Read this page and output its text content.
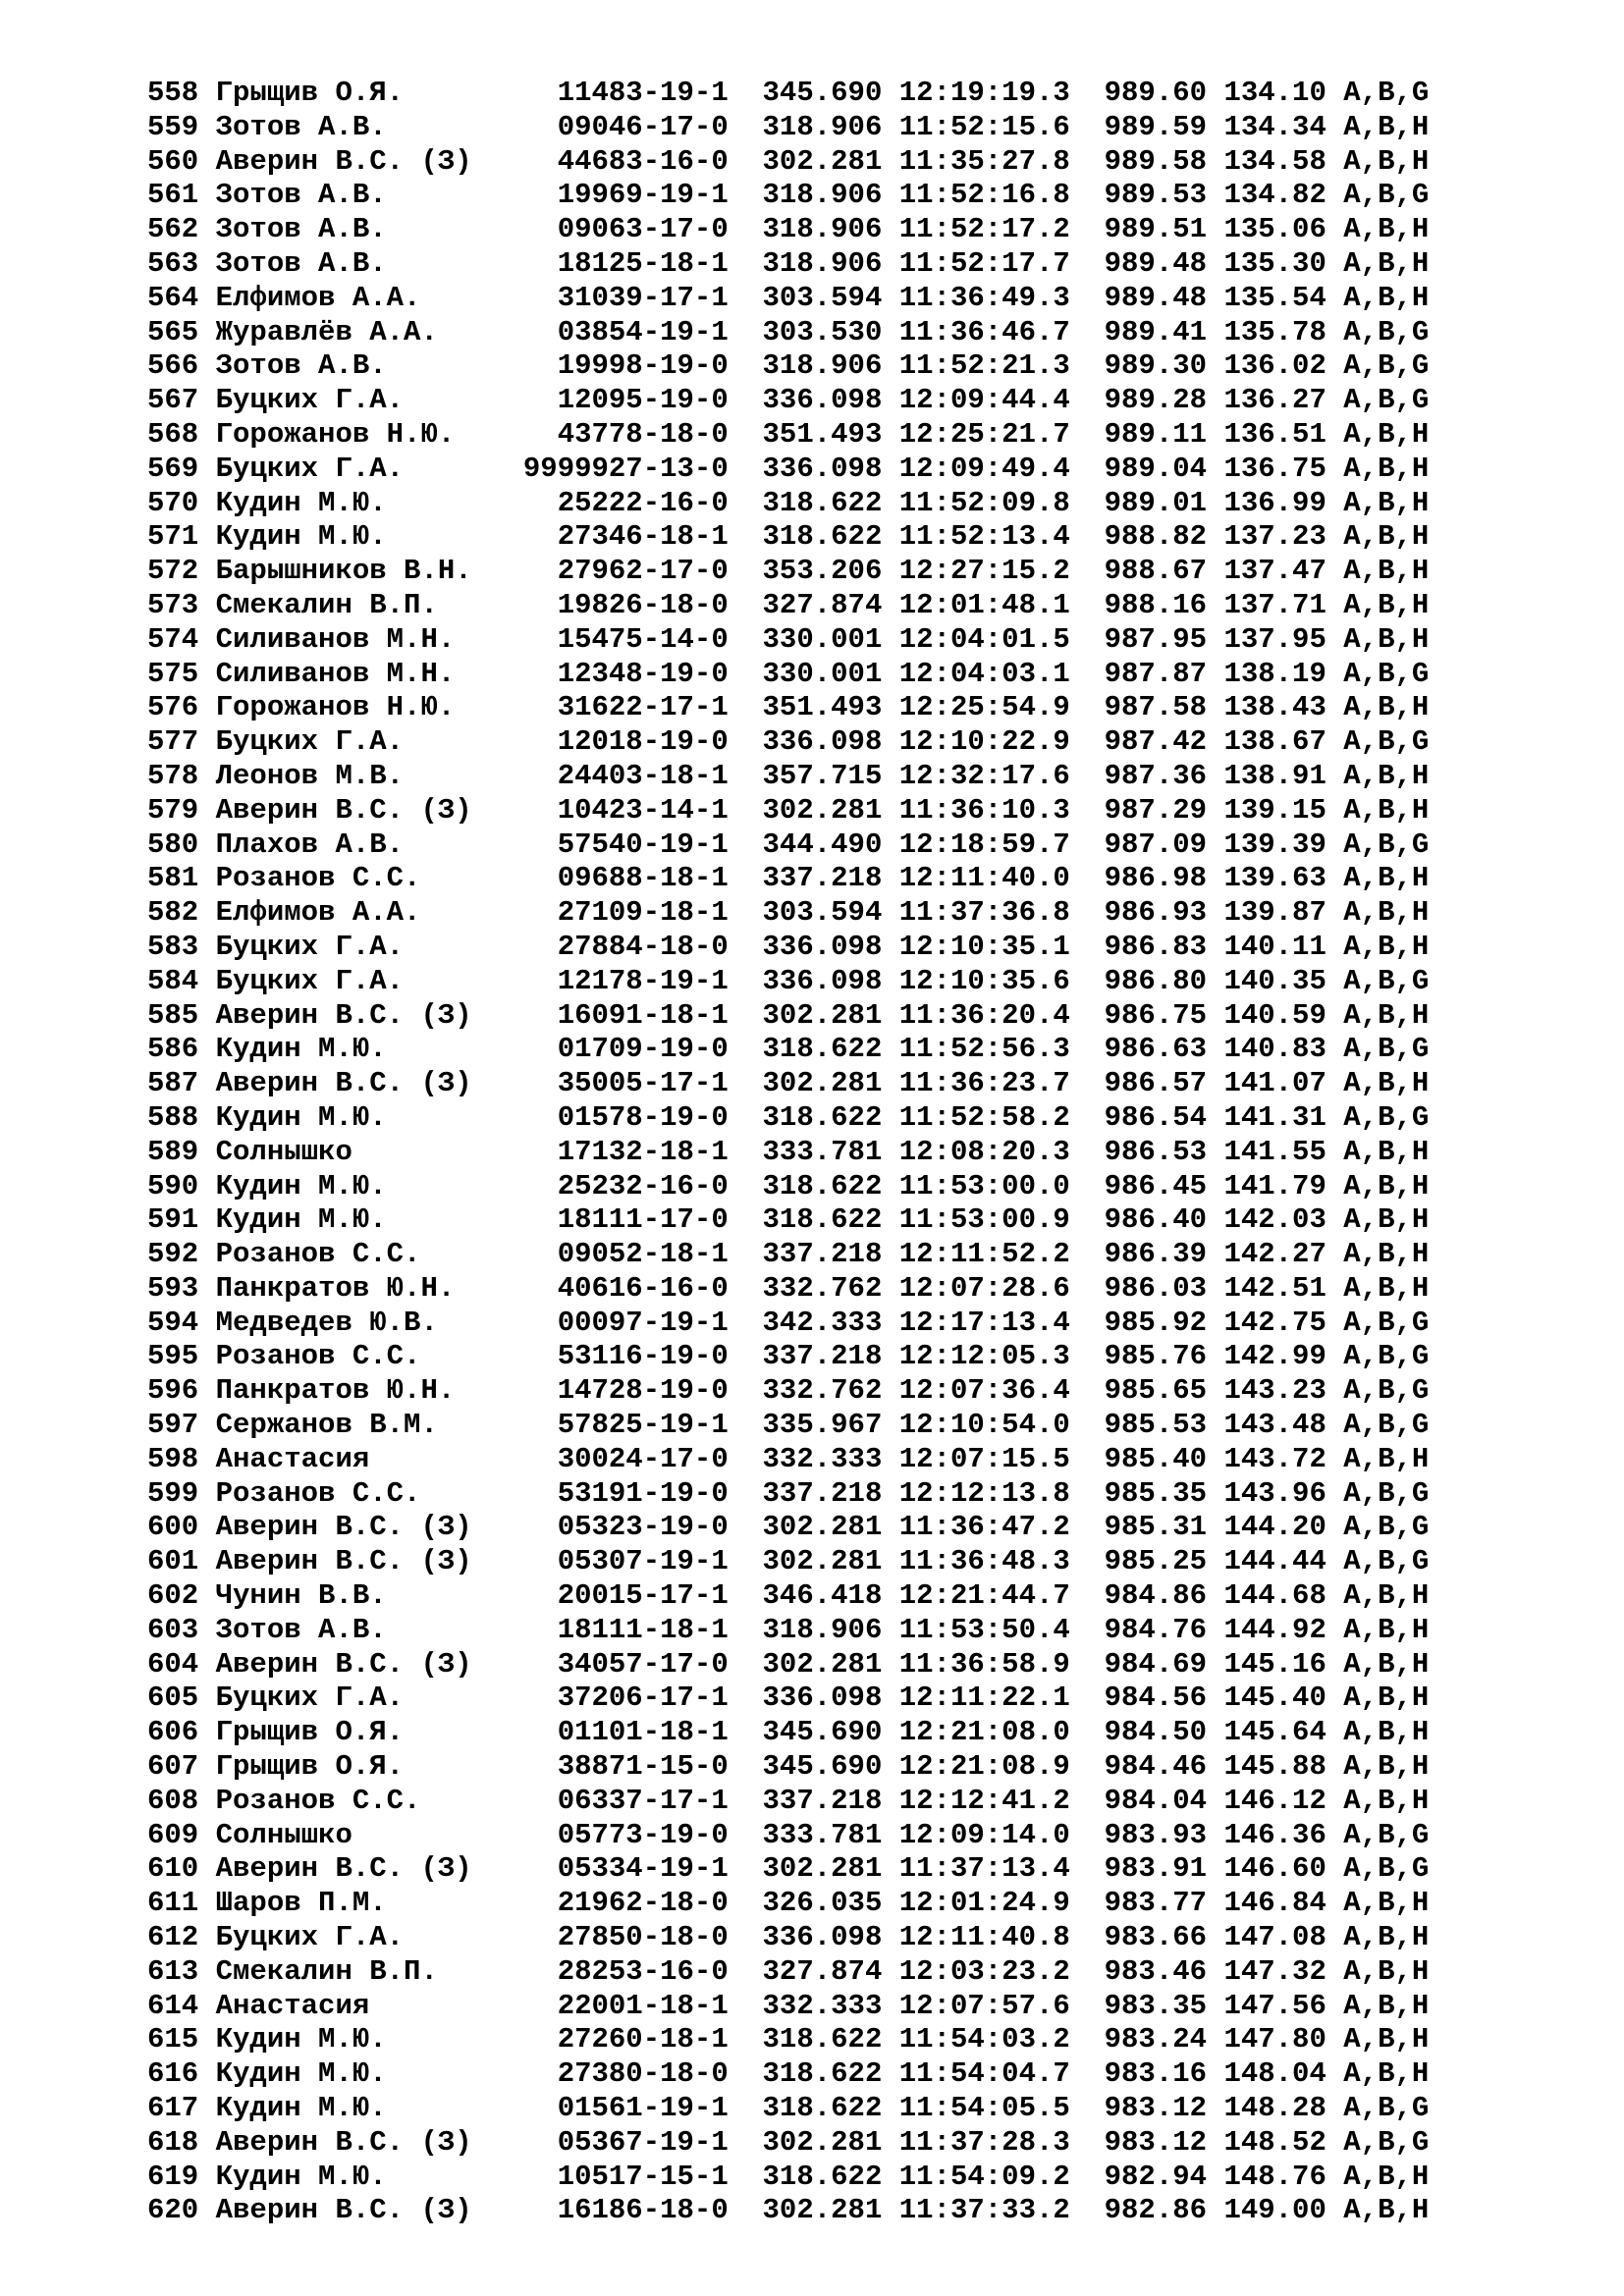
558 Грыщив О.Я.         11483-19-1 345.690 12:19:19.3 989.60 134.10 A,B,G
559 Зотов А.В.          09046-17-0 318.906 11:52:15.6 989.59 134.34 A,B,H
560 Аверин В.С. (З)     44683-16-0 302.281 11:35:27.8 989.58 134.58 A,B,H
561 Зотов А.В.          19969-19-1 318.906 11:52:16.8 989.53 134.82 A,B,G
562 Зотов А.В.          09063-17-0 318.906 11:52:17.2 989.51 135.06 A,B,H
563 Зотов А.В.          18125-18-1 318.906 11:52:17.7 989.48 135.30 A,B,H
564 Елфимов А.А.        31039-17-1 303.594 11:36:49.3 989.48 135.54 A,B,H
565 Журавлёв А.А.       03854-19-1 303.530 11:36:46.7 989.41 135.78 A,B,G
566 Зотов А.В.          19998-19-0 318.906 11:52:21.3 989.30 136.02 A,B,G
567 Буцких Г.А.         12095-19-0 336.098 12:09:44.4 989.28 136.27 A,B,G
568 Горожанов Н.Ю.      43778-18-0 351.493 12:25:21.7 989.11 136.51 A,B,H
569 Буцких Г.А.       9999927-13-0 336.098 12:09:49.4 989.04 136.75 A,B,H
570 Кудин М.Ю.          25222-16-0 318.622 11:52:09.8 989.01 136.99 A,B,H
571 Кудин М.Ю.          27346-18-1 318.622 11:52:13.4 988.82 137.23 A,B,H
572 Барышников В.Н.     27962-17-0 353.206 12:27:15.2 988.67 137.47 A,B,H
573 Смекалин В.П.       19826-18-0 327.874 12:01:48.1 988.16 137.71 A,B,H
574 Силиванов М.Н.      15475-14-0 330.001 12:04:01.5 987.95 137.95 A,B,H
575 Силиванов М.Н.      12348-19-0 330.001 12:04:03.1 987.87 138.19 A,B,G
576 Горожанов Н.Ю.      31622-17-1 351.493 12:25:54.9 987.58 138.43 A,B,H
577 Буцких Г.А.         12018-19-0 336.098 12:10:22.9 987.42 138.67 A,B,G
578 Леонов М.В.         24403-18-1 357.715 12:32:17.6 987.36 138.91 A,B,H
579 Аверин В.С. (З)     10423-14-1 302.281 11:36:10.3 987.29 139.15 A,B,H
580 Плахов А.В.         57540-19-1 344.490 12:18:59.7 987.09 139.39 A,B,G
581 Розанов С.С.        09688-18-1 337.218 12:11:40.0 986.98 139.63 A,B,H
582 Елфимов А.А.        27109-18-1 303.594 11:37:36.8 986.93 139.87 A,B,H
583 Буцких Г.А.         27884-18-0 336.098 12:10:35.1 986.83 140.11 A,B,H
584 Буцких Г.А.         12178-19-1 336.098 12:10:35.6 986.80 140.35 A,B,G
585 Аверин В.С. (З)     16091-18-1 302.281 11:36:20.4 986.75 140.59 A,B,H
586 Кудин М.Ю.          01709-19-0 318.622 11:52:56.3 986.63 140.83 A,B,G
587 Аверин В.С. (З)     35005-17-1 302.281 11:36:23.7 986.57 141.07 A,B,H
588 Кудин М.Ю.          01578-19-0 318.622 11:52:58.2 986.54 141.31 A,B,G
589 Солнышко            17132-18-1 333.781 12:08:20.3 986.53 141.55 A,B,H
590 Кудин М.Ю.          25232-16-0 318.622 11:53:00.0 986.45 141.79 A,B,H
591 Кудин М.Ю.          18111-17-0 318.622 11:53:00.9 986.40 142.03 A,B,H
592 Розанов С.С.        09052-18-1 337.218 12:11:52.2 986.39 142.27 A,B,H
593 Панкратов Ю.Н.      40616-16-0 332.762 12:07:28.6 986.03 142.51 A,B,H
594 Медведев Ю.В.       00097-19-1 342.333 12:17:13.4 985.92 142.75 A,B,G
595 Розанов С.С.        53116-19-0 337.218 12:12:05.3 985.76 142.99 A,B,G
596 Панкратов Ю.Н.      14728-19-0 332.762 12:07:36.4 985.65 143.23 A,B,G
597 Сержанов В.М.       57825-19-1 335.967 12:10:54.0 985.53 143.48 A,B,G
598 Анастасия           30024-17-0 332.333 12:07:15.5 985.40 143.72 A,B,H
599 Розанов С.С.        53191-19-0 337.218 12:12:13.8 985.35 143.96 A,B,G
600 Аверин В.С. (З)     05323-19-0 302.281 11:36:47.2 985.31 144.20 A,B,G
601 Аверин В.С. (З)     05307-19-1 302.281 11:36:48.3 985.25 144.44 A,B,G
602 Чунин В.В.          20015-17-1 346.418 12:21:44.7 984.86 144.68 A,B,H
603 Зотов А.В.          18111-18-1 318.906 11:53:50.4 984.76 144.92 A,B,H
604 Аверин В.С. (З)     34057-17-0 302.281 11:36:58.9 984.69 145.16 A,B,H
605 Буцких Г.А.         37206-17-1 336.098 12:11:22.1 984.56 145.40 A,B,H
606 Грыщив О.Я.         01101-18-1 345.690 12:21:08.0 984.50 145.64 A,B,H
607 Грыщив О.Я.         38871-15-0 345.690 12:21:08.9 984.46 145.88 A,B,H
608 Розанов С.С.        06337-17-1 337.218 12:12:41.2 984.04 146.12 A,B,H
609 Солнышко            05773-19-0 333.781 12:09:14.0 983.93 146.36 A,B,G
610 Аверин В.С. (З)     05334-19-1 302.281 11:37:13.4 983.91 146.60 A,B,G
611 Шаров П.М.          21962-18-0 326.035 12:01:24.9 983.77 146.84 A,B,H
612 Буцких Г.А.         27850-18-0 336.098 12:11:40.8 983.66 147.08 A,B,H
613 Смекалин В.П.       28253-16-0 327.874 12:03:23.2 983.46 147.32 A,B,H
614 Анастасия           22001-18-1 332.333 12:07:57.6 983.35 147.56 A,B,H
615 Кудин М.Ю.          27260-18-1 318.622 11:54:03.2 983.24 147.80 A,B,H
616 Кудин М.Ю.          27380-18-0 318.622 11:54:04.7 983.16 148.04 A,B,H
617 Кудин М.Ю.          01561-19-1 318.622 11:54:05.5 983.12 148.28 A,B,G
618 Аверин В.С. (З)     05367-19-1 302.281 11:37:28.3 983.12 148.52 A,B,G
619 Кудин М.Ю.          10517-15-1 318.622 11:54:09.2 982.94 148.76 A,B,H
620 Аверин В.С. (З)     16186-18-0 302.281 11:37:33.2 982.86 149.00 A,B,H
